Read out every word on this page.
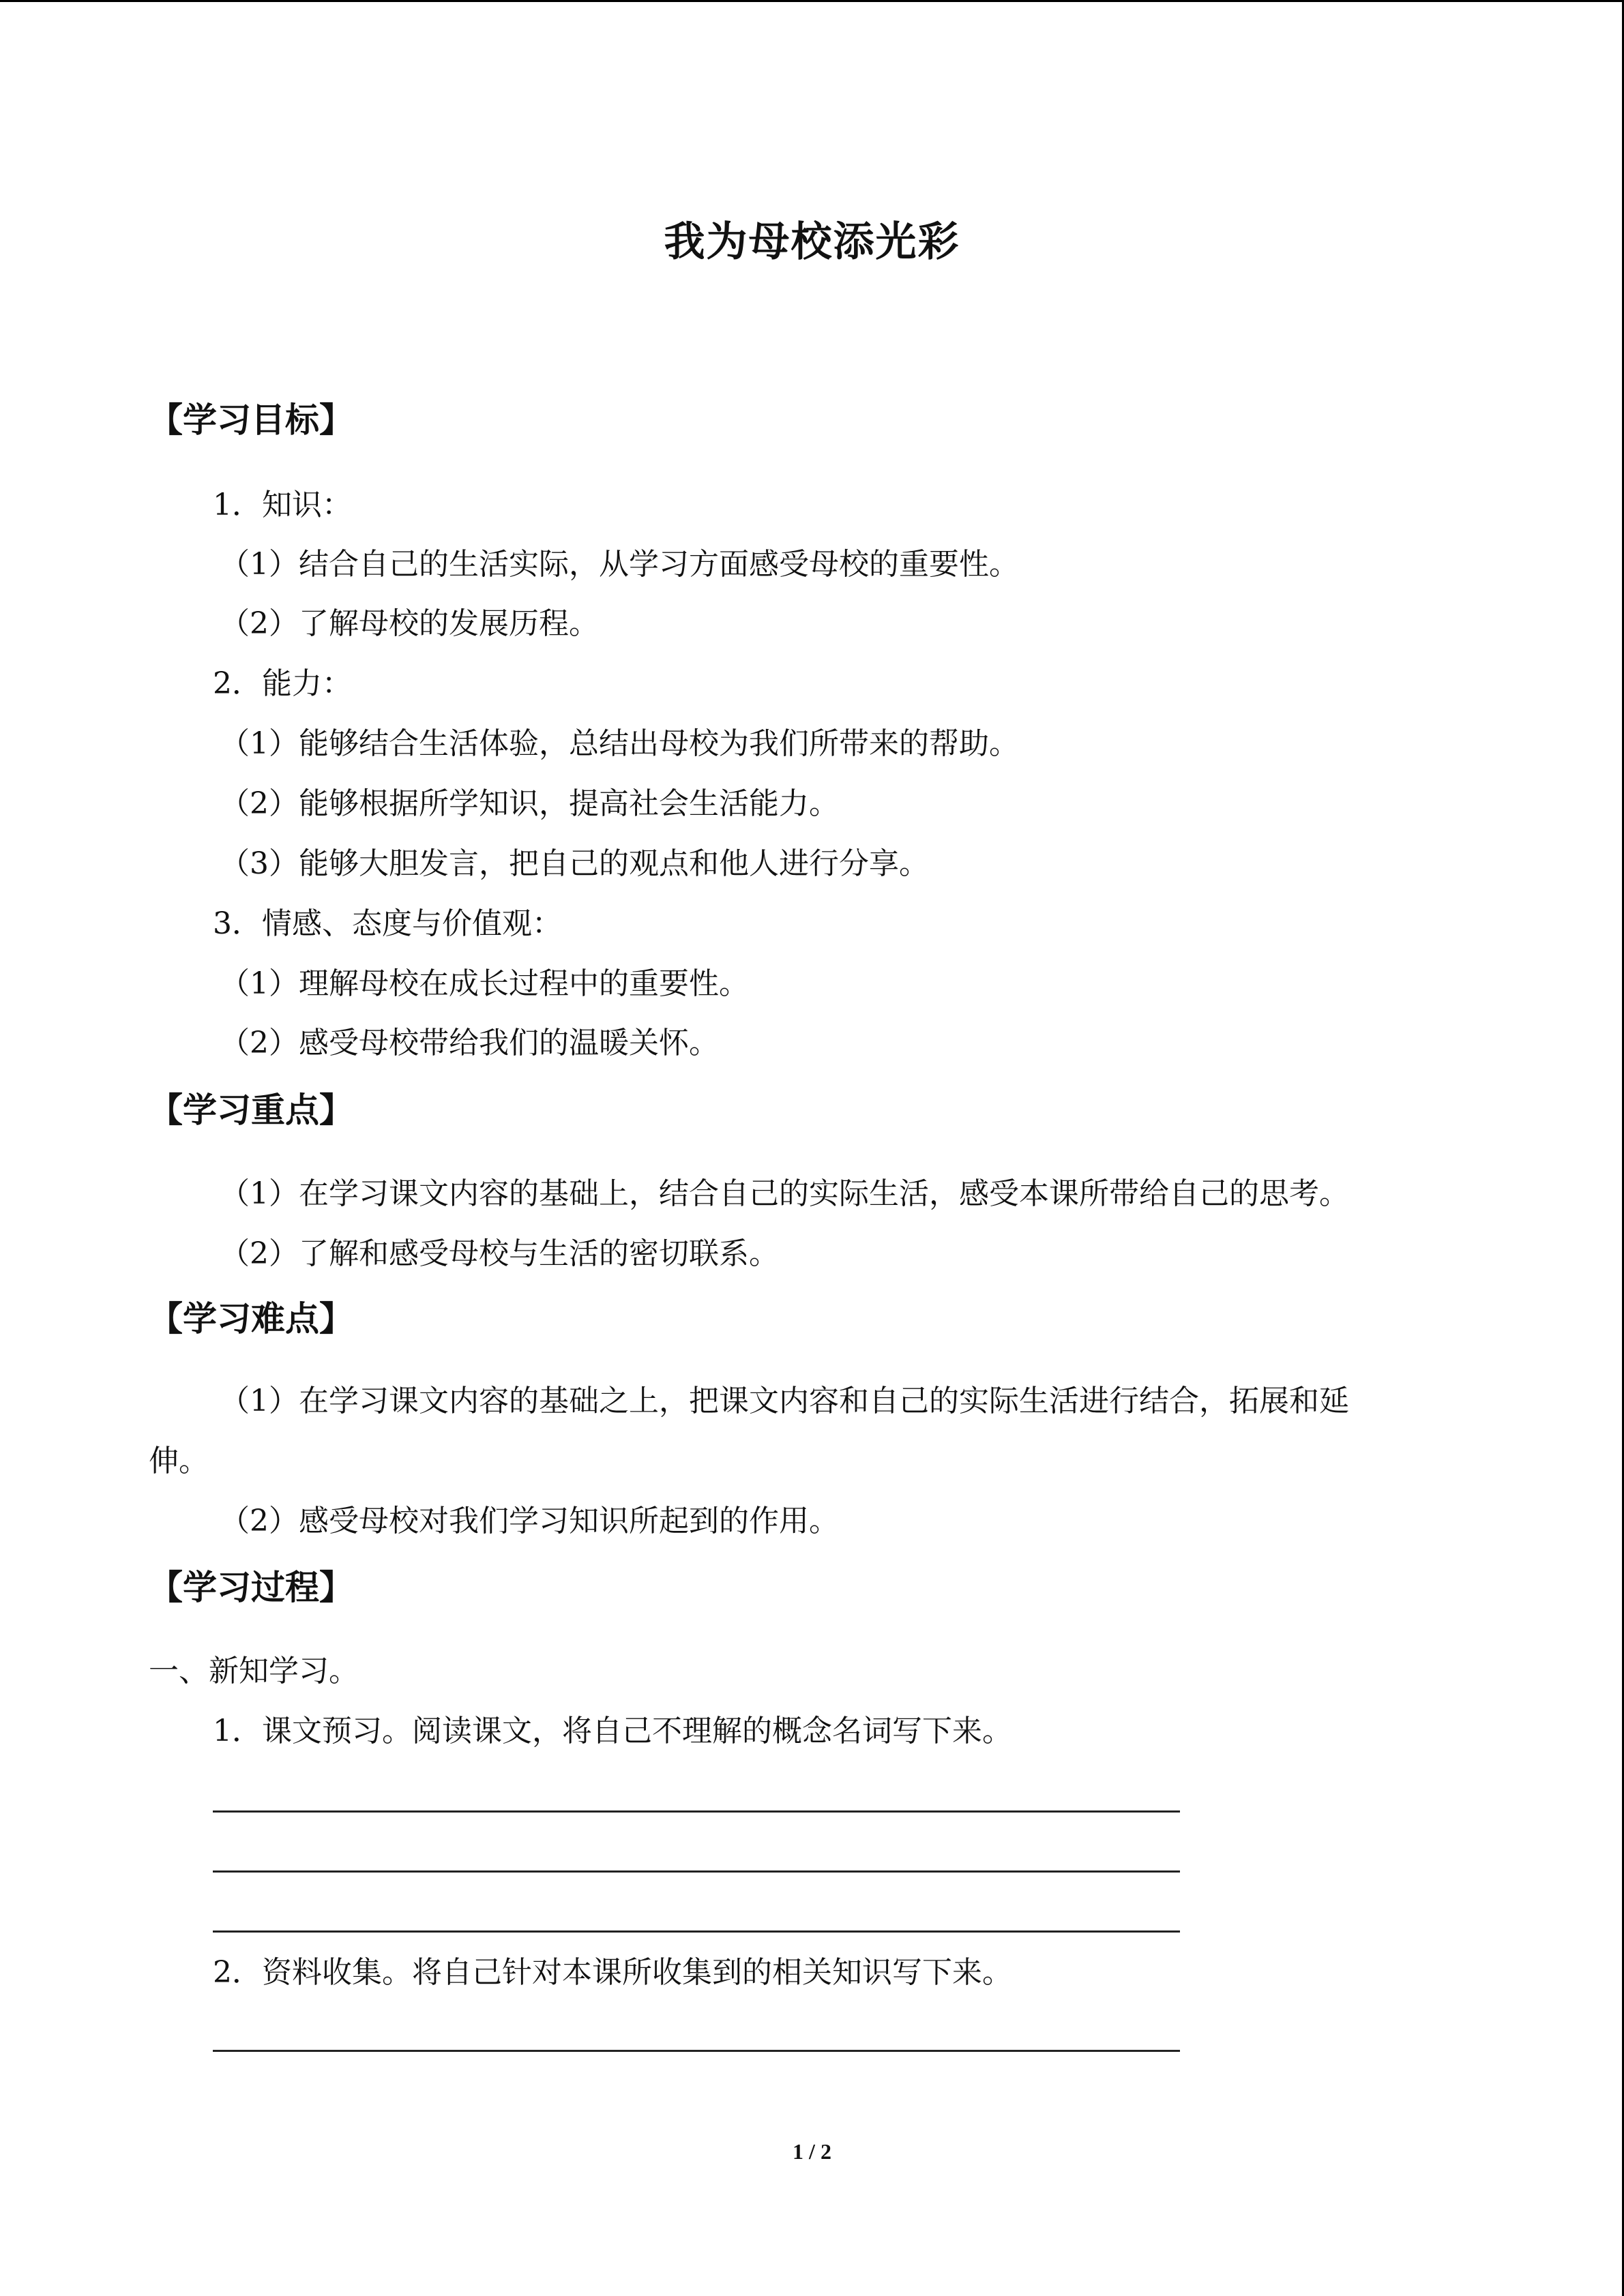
我为母校添光彩
【学习目标】
1．知识：
（1）结合自己的生活实际，从学习方面感受母校的重要性。
（2）了解母校的发展历程。
2．能力：
（1）能够结合生活体验，总结出母校为我们所带来的帮助。
（2）能够根据所学知识，提高社会生活能力。
（3）能够大胆发言，把自己的观点和他人进行分享。
3．情感、态度与价值观：
（1）理解母校在成长过程中的重要性。
（2）感受母校带给我们的温暖关怀。
【学习重点】
（1）在学习课文内容的基础上，结合自己的实际生活，感受本课所带给自己的思考。
（2）了解和感受母校与生活的密切联系。
【学习难点】
（1）在学习课文内容的基础之上，把课文内容和自己的实际生活进行结合，拓展和延
伸。
（2）感受母校对我们学习知识所起到的作用。
【学习过程】
一、新知学习。
1．课文预习。阅读课文，将自己不理解的概念名词写下来。
2．资料收集。将自己针对本课所收集到的相关知识写下来。
1 / 2
